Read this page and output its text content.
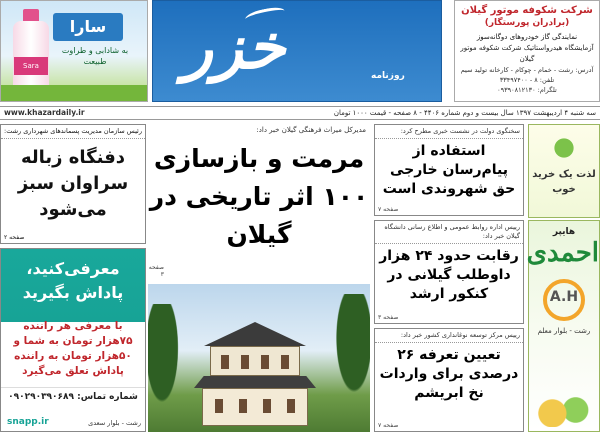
Sara
سارا
به شادابی و طراوت طبیعت	خزر	روزنامه
شرکت شکوفه موتور گیلان
(برادران پورستگار)
نمایندگی گاز خودروهای دوگانه‌سوز
آزمایشگاه هیدرواستاتیک شرکت شکوفه موتور گیلان
آدرس: رشت - خمام - چوکام - کارخانه تولید سیم
تلفن: ۸ - ۳۳۴۹۷۴۰۰
تلگرام: ۰۹۳۹۰۸۱۲۱۳۰
سه شنبه ۴ اردیبهشت ۱۳۹۷ سال بیست و دوم شماره ۴۴۰۶ - ۸ صفحه - قیمت ۱۰۰۰ تومان
www.khazardaily.ir
لذت یک خرید خوب
هایپر
احمدی
A.H
رشت - بلوار معلم
سخنگوی دولت در نشست خبری مطرح کرد:
استفاده از پیام‌رسان خارجی حق شهروندی است
صفحه ۷
رییس اداره روابط عمومی و اطلاع رسانی دانشگاه گیلان خبر داد:
رقابت حدود ۲۴ هزار داوطلب گیلانی در کنکور ارشد
صفحه ۳
رییس مرکز توسعه نوغانداری کشور خبر داد:
تعیین تعرفه ۲۶ درصدی برای واردات نخ ابریشم
صفحه ۷
مدیرکل میراث فرهنگی گیلان خبر داد:
مرمت و بازسازی ۱۰۰ اثر تاریخی در گیلان
صفحه ۳
رئیس سازمان مدیریت پسماندهای شهرداری رشت:
دفنگاه زباله سراوان سبز می‌شود
صفحه ۲
معرفی‌کنید، پاداش بگیرید
با معرفی هر راننده ۷۵هزار تومان به شما و ۵۰هزار تومان به راننده پاداش تعلق می‌گیرد
شماره تماس: ۰۹۰۲۹۰۳۹۰۶۸۹
snapp.ir	رشت - بلوار سعدی
